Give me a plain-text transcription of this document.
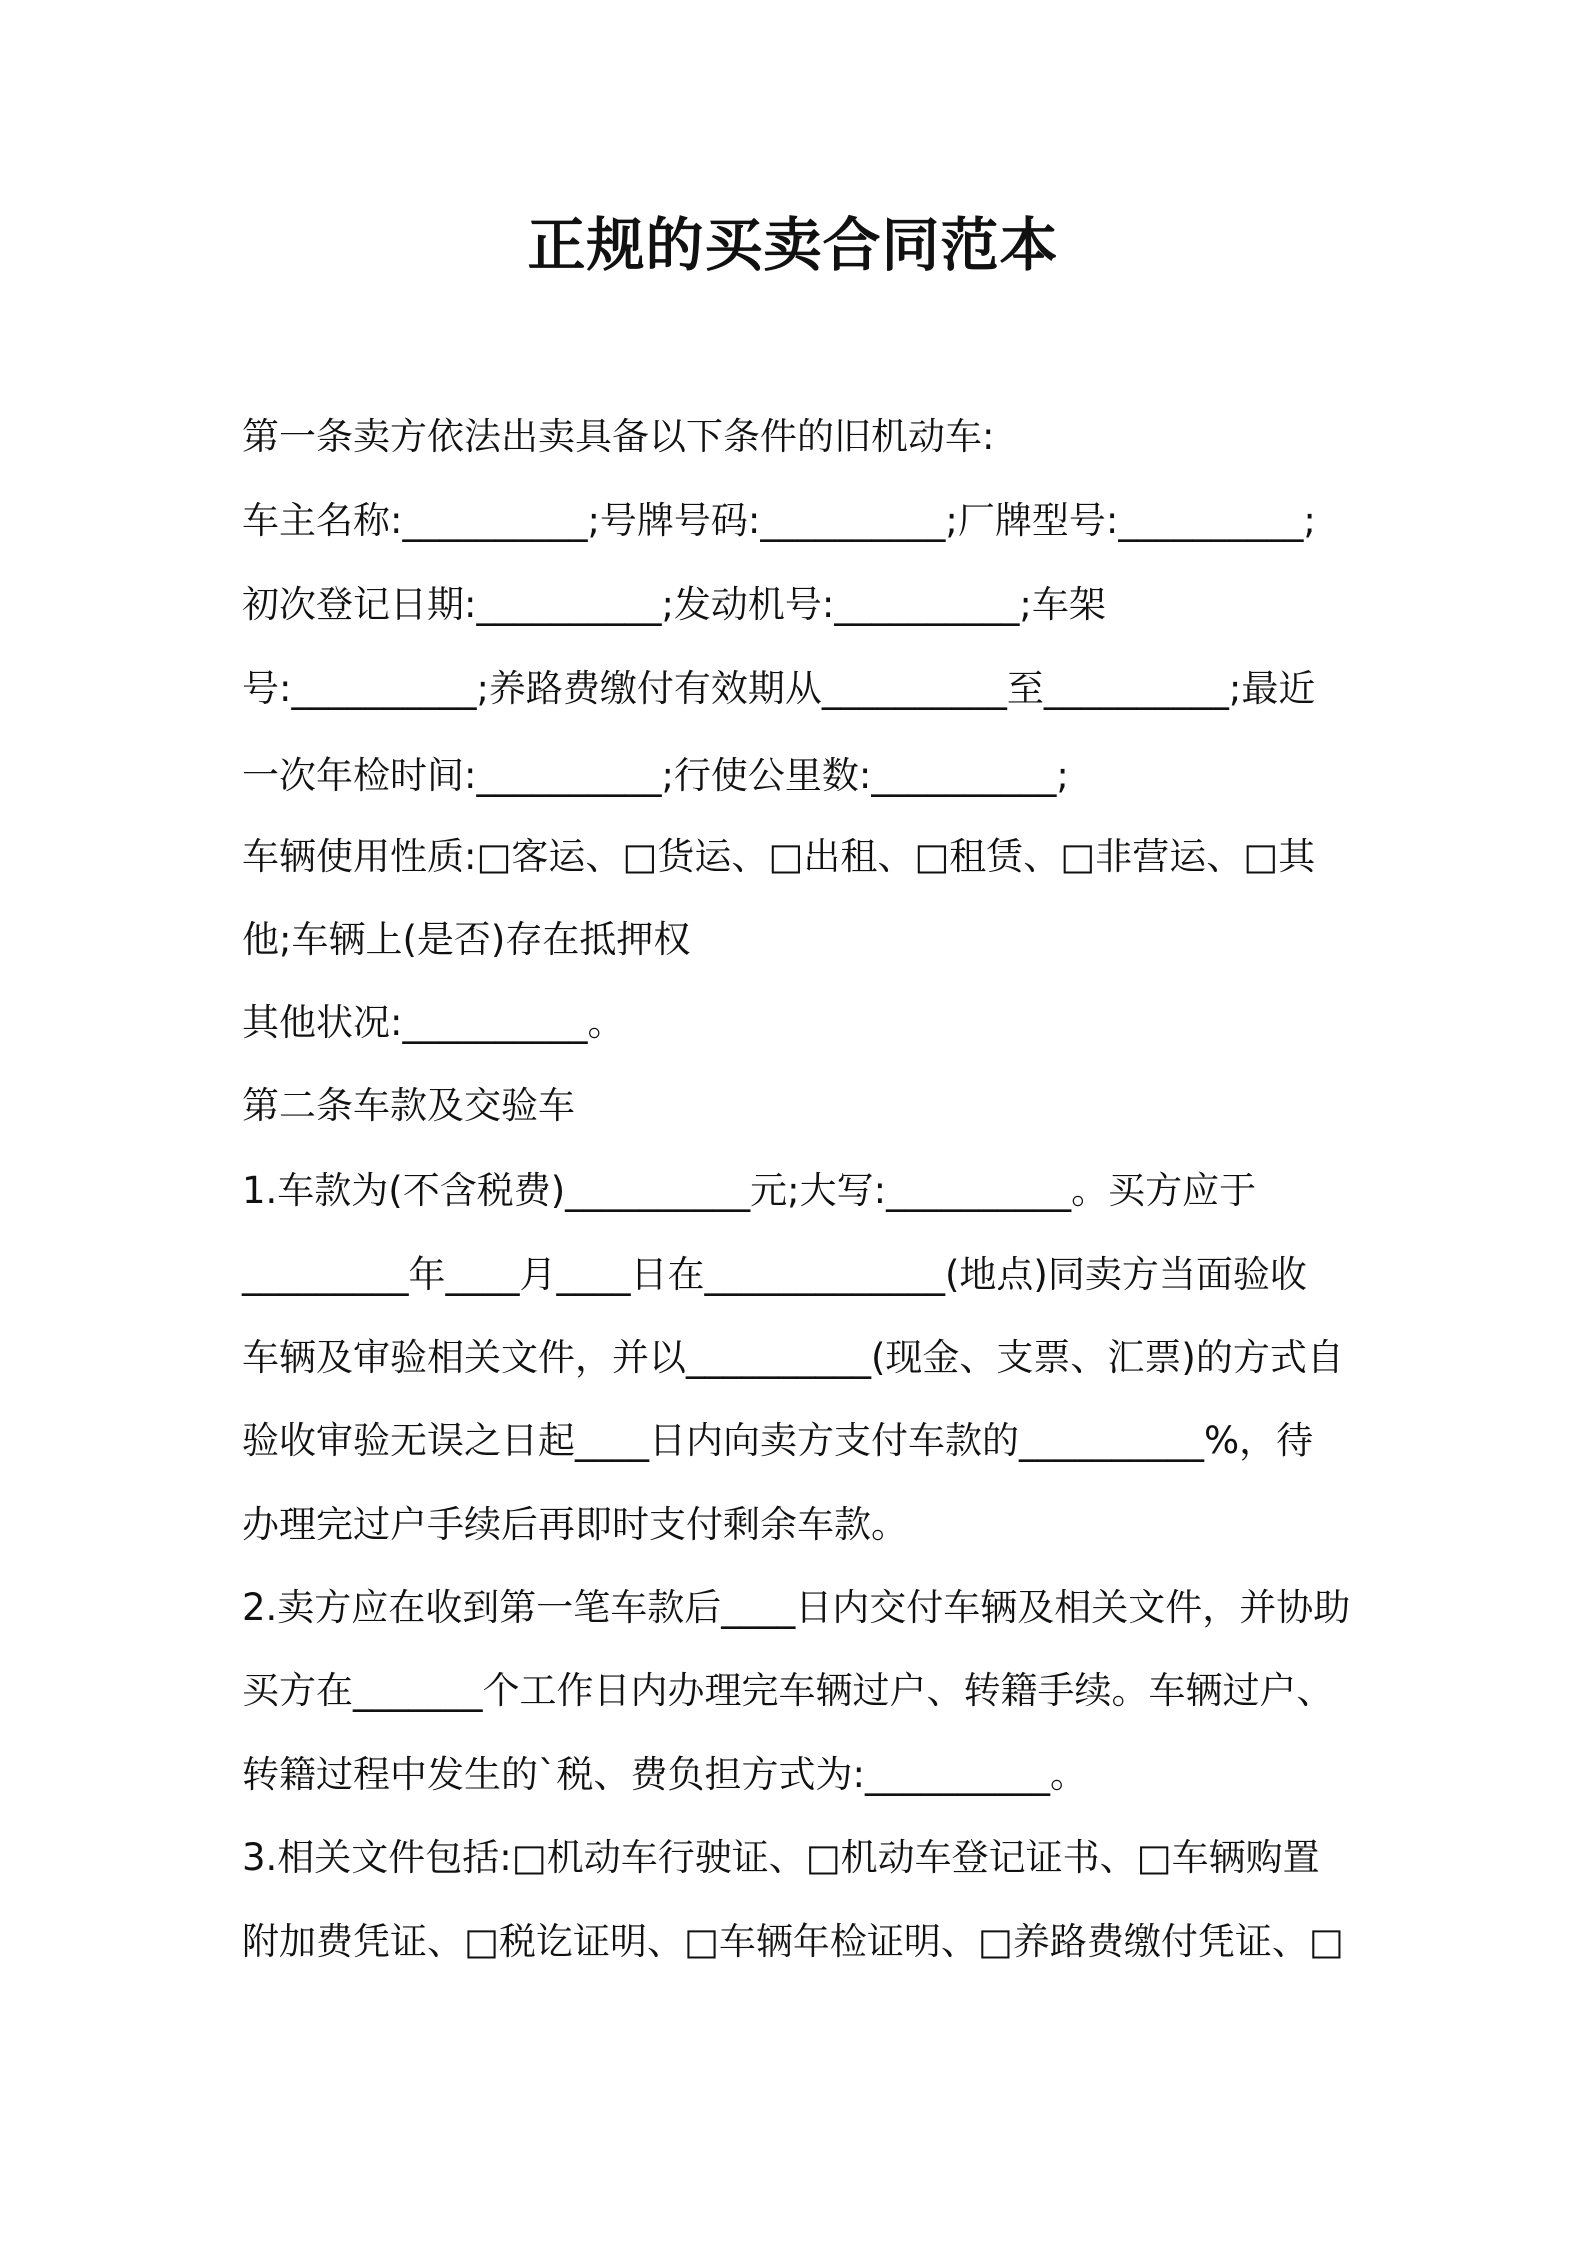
正规的买卖合同范本

第一条卖方依法出卖具备以下条件的旧机动车:

车主名称:__________;号牌号码:__________;厂牌型号:__________;

初次登记日期:__________;发动机号:__________;车架

号:__________;养路费缴付有效期从__________至__________;最近

一次年检时间:__________;行使公里数:__________;

车辆使用性质:□客运、□货运、□出租、□租赁、□非营运、□其

他;车辆上(是否)存在抵押权

其他状况:__________。

第二条车款及交验车

1.车款为(不含税费)__________元;大写:__________。买方应于

_________年____月____日在_____________(地点)同卖方当面验收

车辆及审验相关文件，并以__________(现金、支票、汇票)的方式自

验收审验无误之日起____日内向卖方支付车款的__________%，待

办理完过户手续后再即时支付剩余车款。

2.卖方应在收到第一笔车款后____日内交付车辆及相关文件，并协助

买方在_______个工作日内办理完车辆过户、转籍手续。车辆过户、

转籍过程中发生的`税、费负担方式为:__________。

3.相关文件包括:□机动车行驶证、□机动车登记证书、□车辆购置

附加费凭证、□税讫证明、□车辆年检证明、□养路费缴付凭证、□
